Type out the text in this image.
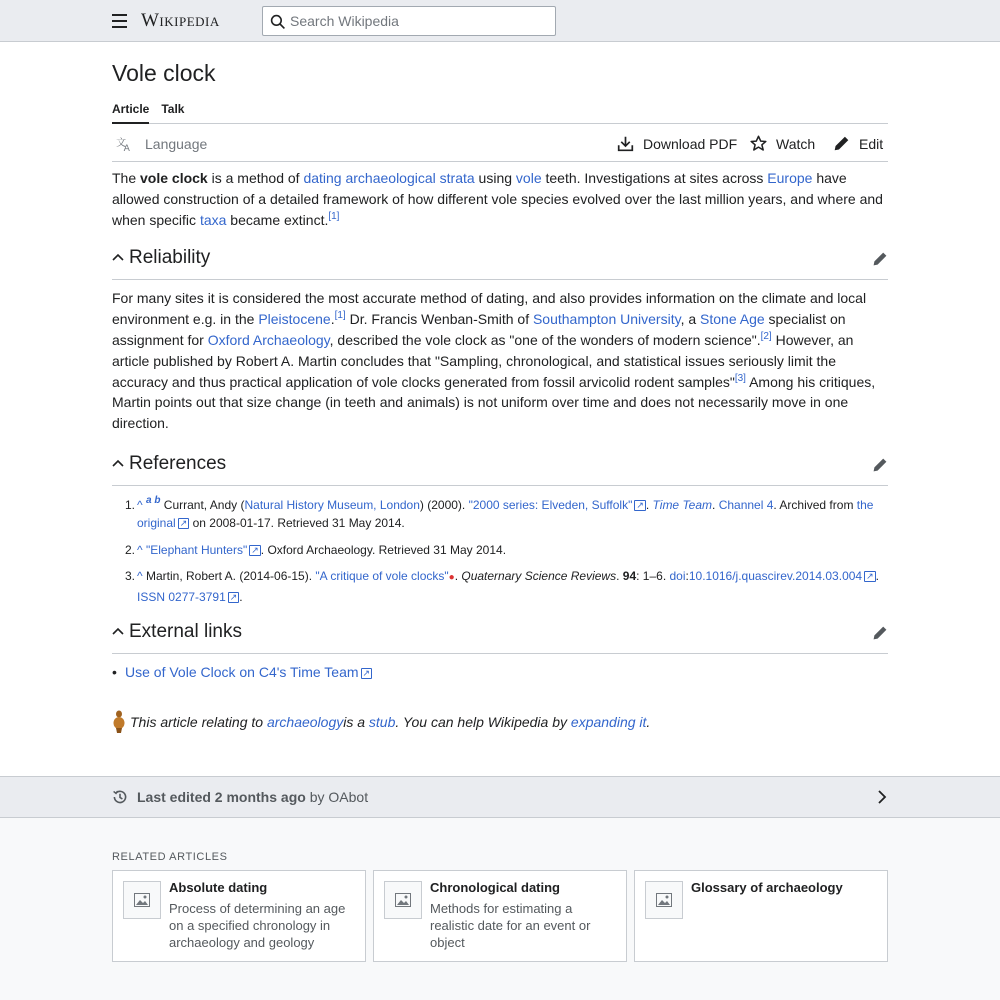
Wikipedia
Search Wikipedia
Vole clock
Article Talk
文
A Language	Download PDF	Watch	Edit

The vole clock is a method of dating archaeological strata using vole teeth. Investigations at sites across Europe have allowed construction of a detailed framework of how different vole species evolved over the last million years, and where and when specific taxa became extinct.[1]

Reliability

For many sites it is considered the most accurate method of dating, and also provides information on the climate and local environment e.g. in the Pleistocene.[1] Dr. Francis Wenban-Smith of Southampton University, a Stone Age specialist on assignment for Oxford Archaeology, described the vole clock as "one of the wonders of modern science".[2] However, an article published by Robert A. Martin concludes that "Sampling, chronological, and statistical issues seriously limit the accuracy and thus practical application of vole clocks generated from fossil arvicolid rodent samples"[3] Among his critiques, Martin points out that size change (in teeth and animals) is not uniform over time and does not necessarily move in one direction.

References
1. ^ $^{a b}$ Currant, Andy (Natural History Museum, London) (2000). "2000 series: Elveden, Suffolk" ↗ . Time Team. Channel 4. Archived from the original ↗ on 2008-01-17. Retrieved 31 May 2014.
2. ^ "Elephant Hunters" ↗ . Oxford Archaeology. Retrieved 31 May 2014.
3. ^ Martin, Robert A. (2014-06-15). "A critique of vole clocks"●. Quaternary Science Reviews. 94: 1–6. doi:10.1016/j.quascirev.2014.03.004 ↗ . ISSN 0277-3791 ↗ .
External links
• Use of Vole Clock on C4's Time Team ↗
This article relating to
archaeology is a
stub . You can help Wikipedia by
expanding it .
Last edited 2 months ago by OAbot
RELATED ARTICLES
Absolute dating
Process of determining an age on a specified chronology in archaeology and geology
Chronological dating
Methods for estimating a realistic date for an event or object
Glossary of archaeology
